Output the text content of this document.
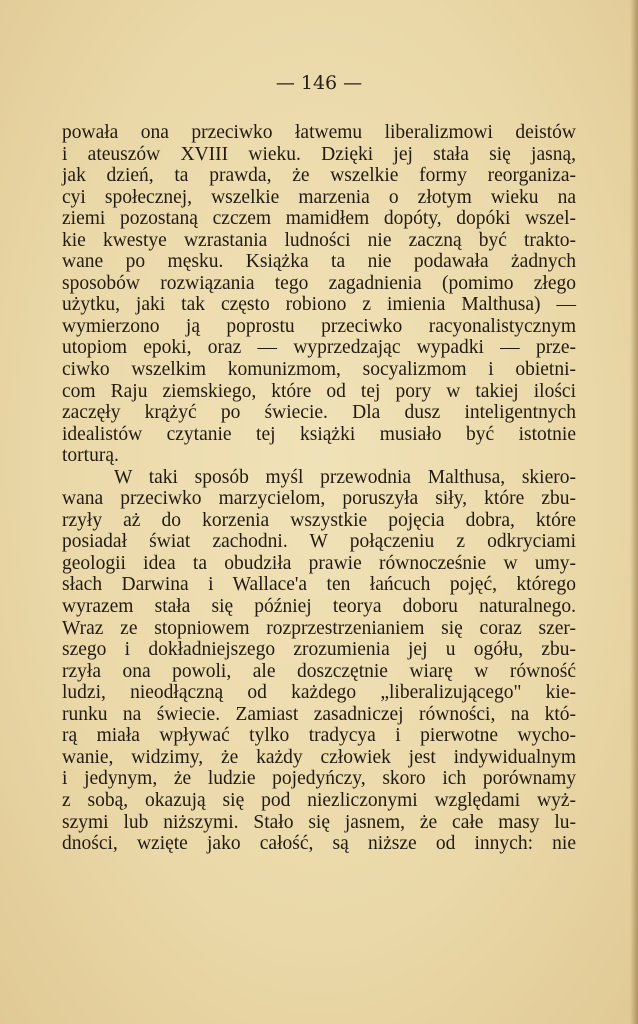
— 146 —
powała ona przeciwko łatwemu liberalizmowi deistów
i ateuszów XVIII wieku. Dzięki jej stała się jasną,
jak dzień, ta prawda, że wszelkie formy reorganiza-
cyi społecznej, wszelkie marzenia o złotym wieku na
ziemi pozostaną czczem mamidłem dopóty, dopóki wszel-
kie kwestye wzrastania ludności nie zaczną być trakto-
wane po męsku. Książka ta nie podawała żadnych
sposobów rozwiązania tego zagadnienia (pomimo złego
użytku, jaki tak często robiono z imienia Malthusa) —
wymierzono ją poprostu przeciwko racyonalistycznym
utopiom epoki, oraz — wyprzedzając wypadki — prze-
ciwko wszelkim komunizmom, socyalizmom i obietni-
com Raju ziemskiego, które od tej pory w takiej ilości
zaczęły krążyć po świecie. Dla dusz inteligentnych
idealistów czytanie tej książki musiało być istotnie
torturą.
W taki sposób myśl przewodnia Malthusa, skiero-
wana przeciwko marzycielom, poruszyła siły, które zbu-
rzyły aż do korzenia wszystkie pojęcia dobra, które
posiadał świat zachodni. W połączeniu z odkryciami
geologii idea ta obudziła prawie równocześnie w umy-
słach Darwina i Wallace'a ten łańcuch pojęć, którego
wyrazem stała się później teorya doboru naturalnego.
Wraz ze stopniowem rozprzestrzenianiem się coraz szer-
szego i dokładniejszego zrozumienia jej u ogółu, zbu-
rzyła ona powoli, ale doszczętnie wiarę w równość
ludzi, nieodłączną od każdego „liberalizującego" kie-
runku na świecie. Zamiast zasadniczej równości, na któ-
rą miała wpływać tylko tradycya i pierwotne wycho-
wanie, widzimy, że każdy człowiek jest indywidualnym
i jedynym, że ludzie pojedyńczy, skoro ich porównamy
z sobą, okazują się pod niezliczonymi względami wyż-
szymi lub niższymi. Stało się jasnem, że całe masy lu-
dności, wzięte jako całość, są niższe od innych: nie
